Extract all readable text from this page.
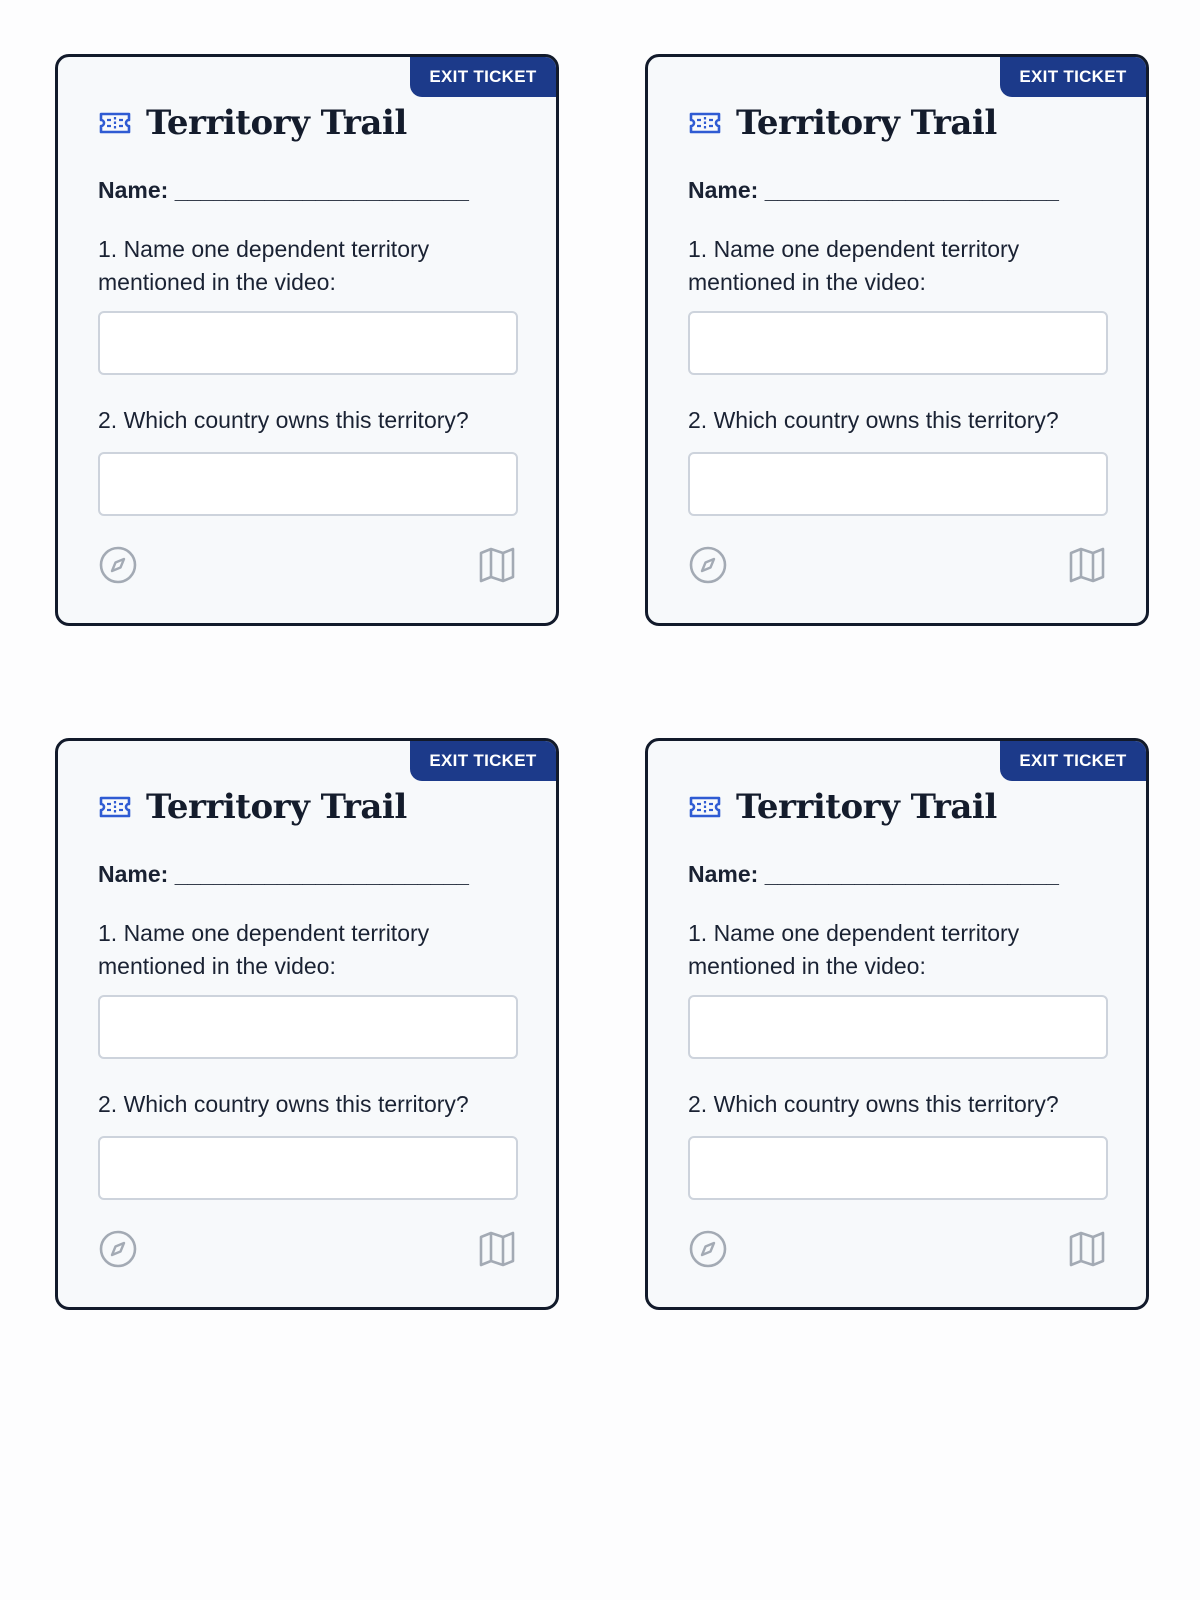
EXIT TICKET
Territory Trail
Name: _______________________
1. Name one dependent territory mentioned in the video:
2. Which country owns this territory?
EXIT TICKET
Territory Trail
Name: _______________________
1. Name one dependent territory mentioned in the video:
2. Which country owns this territory?
EXIT TICKET
Territory Trail
Name: _______________________
1. Name one dependent territory mentioned in the video:
2. Which country owns this territory?
EXIT TICKET
Territory Trail
Name: _______________________
1. Name one dependent territory mentioned in the video:
2. Which country owns this territory?
